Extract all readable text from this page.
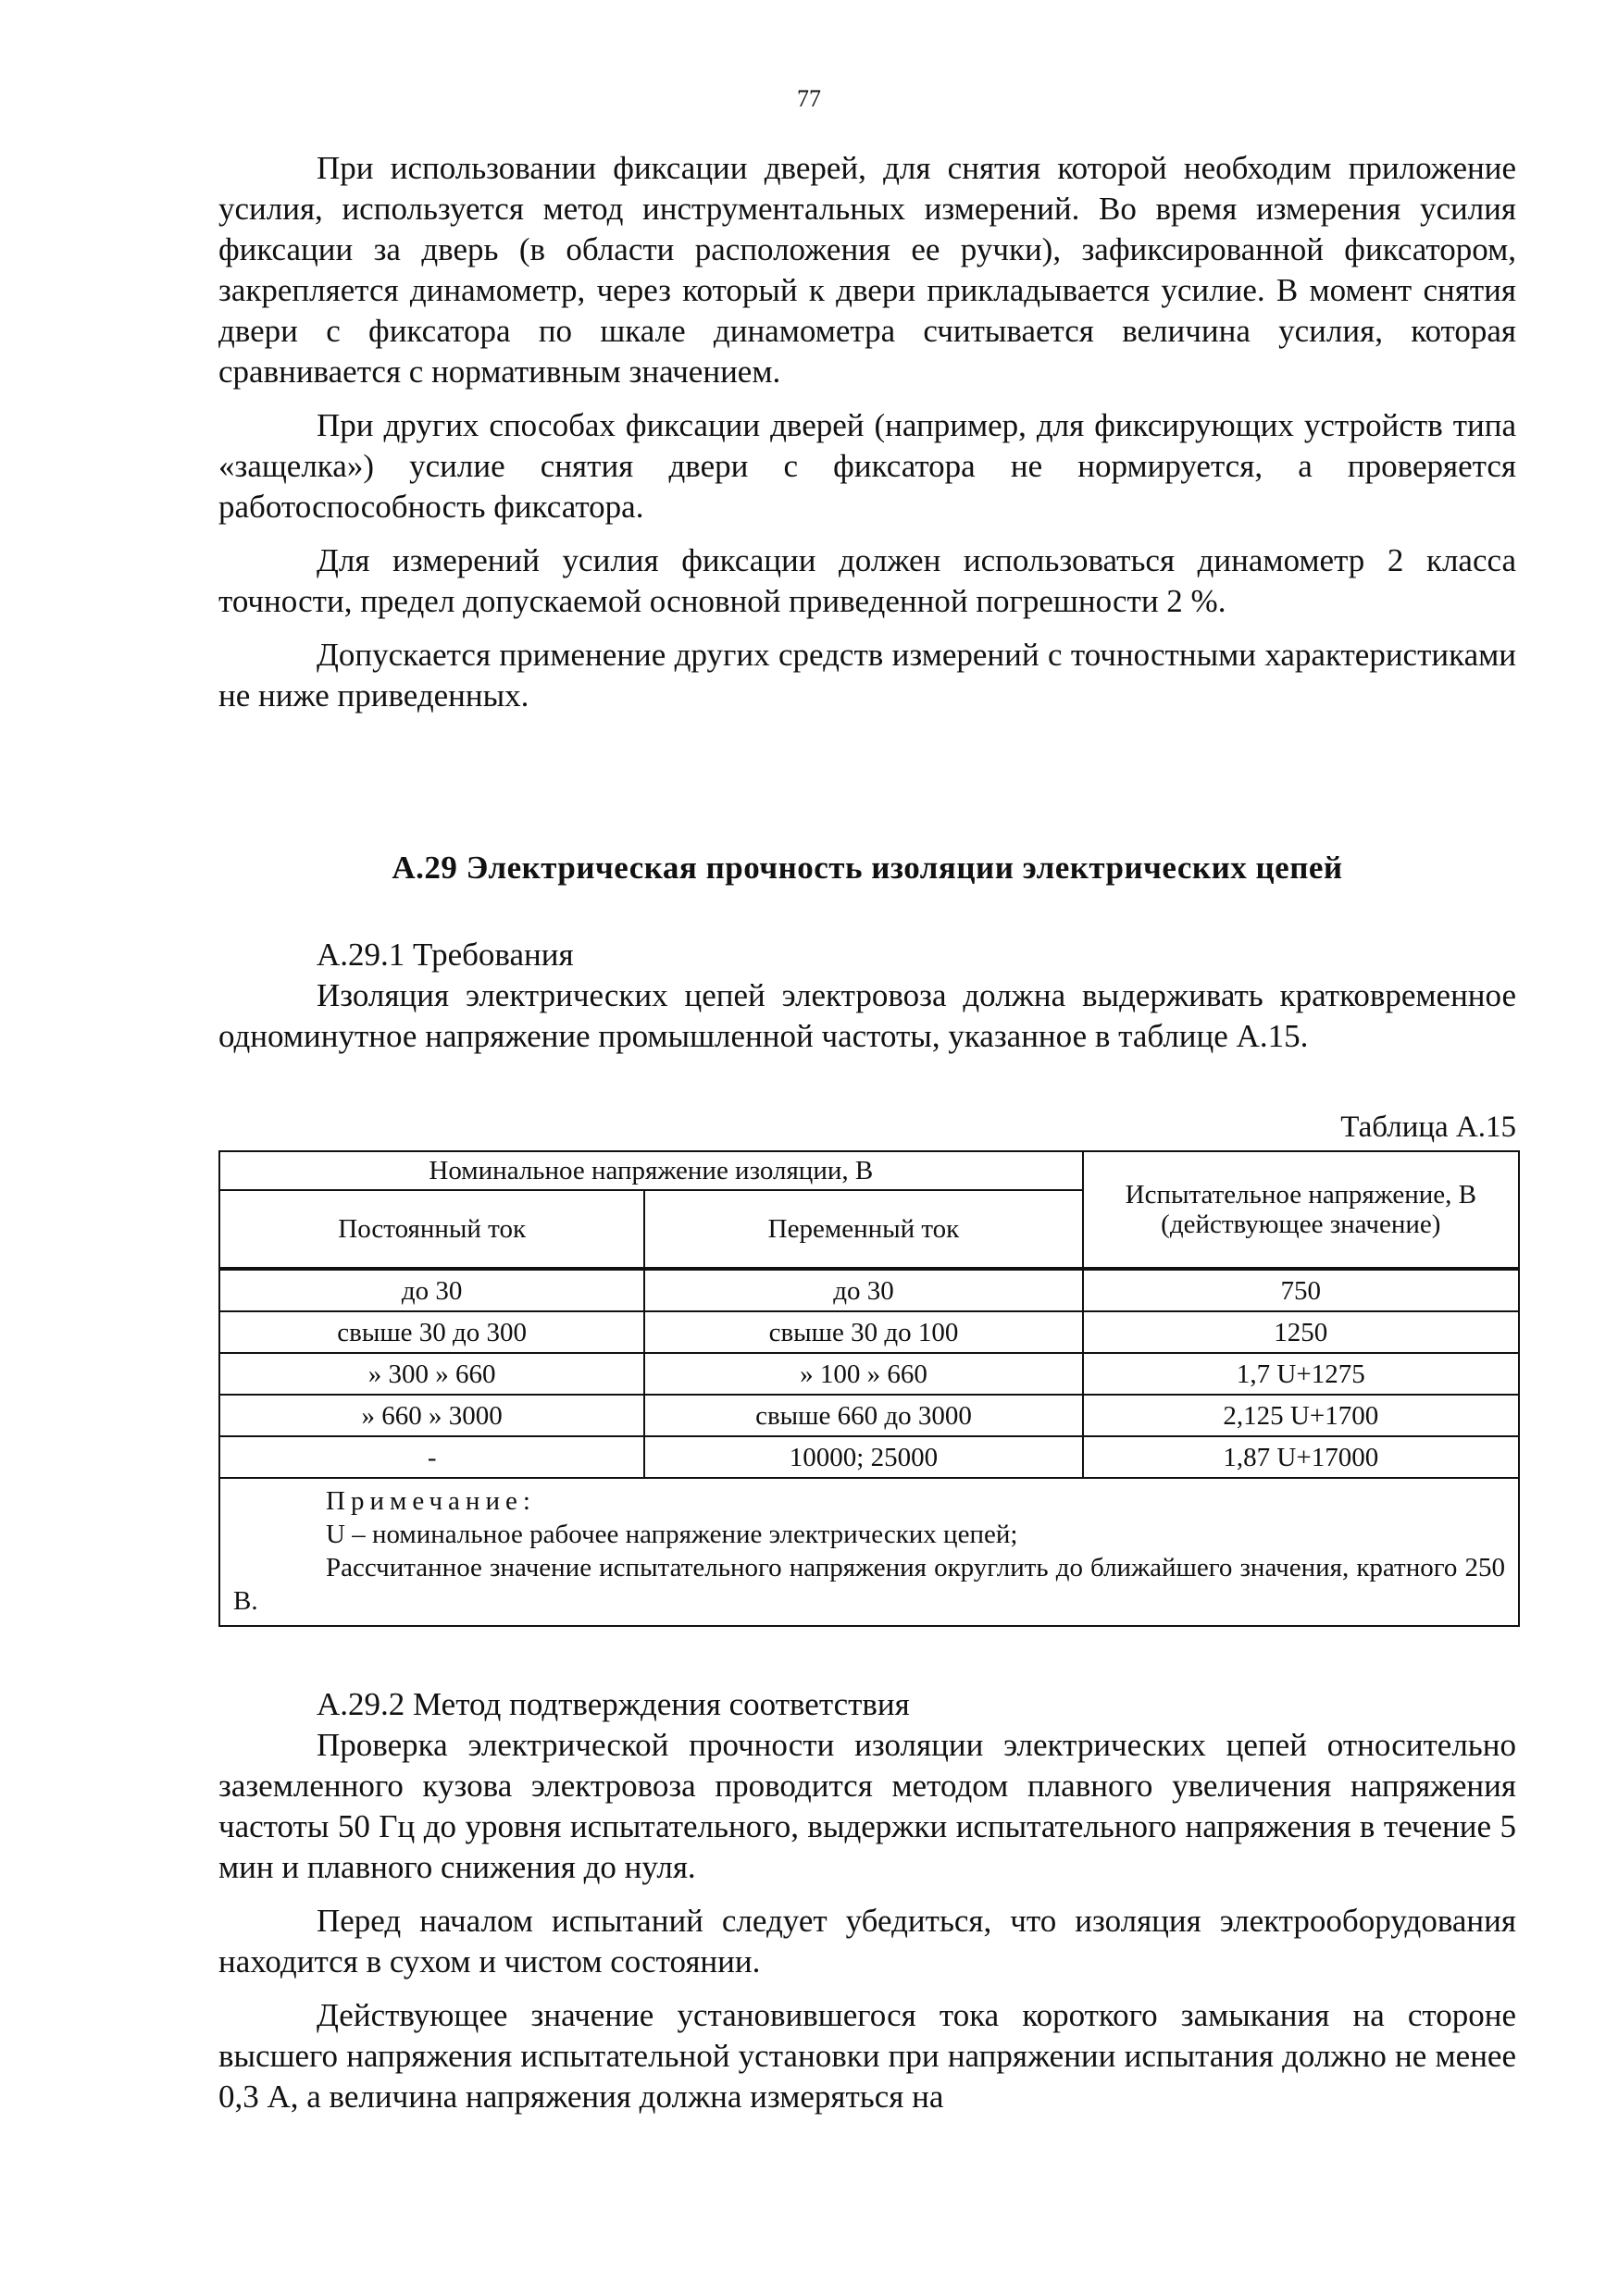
77

При использовании фиксации дверей, для снятия которой необходим приложение усилия, используется метод инструментальных измерений. Во время измерения усилия фиксации за дверь (в области расположения ее ручки), зафиксированной фиксатором, закрепляется динамометр, через который к двери прикладывается усилие. В момент снятия двери с фиксатора по шкале динамометра считывается величина усилия, которая сравнивается с нормативным значением.

При других способах фиксации дверей (например, для фиксирующих устройств типа «защелка») усилие снятия двери с фиксатора не нормируется, а проверяется работоспособность фиксатора.

Для измерений усилия фиксации должен использоваться динамометр 2 класса точности, предел допускаемой основной приведенной погрешности 2 %.

Допускается применение других средств измерений с точностными характеристиками не ниже приведенных.

А.29 Электрическая прочность изоляции электрических цепей

А.29.1 Требования

Изоляция электрических цепей электровоза должна выдерживать кратковременное одноминутное напряжение промышленной частоты, указанное в таблице А.15.

Таблица А.15
Номинальное напряжение изоляции, В		Испытательное напряжение, В (действующее значение)
Постоянный ток	Переменный ток	
до 30	до 30	750
свыше 30 до 300	свыше 30 до 100	1250
» 300 » 660	» 100 » 660	1,7 U+1275
» 660 » 3000	свыше 660 до 3000	2,125 U+1700
-	10000; 25000	1,87 U+17000

Примечание:
U – номинальное рабочее напряжение электрических цепей;
Рассчитанное значение испытательного напряжения округлить до ближайшего значения, кратного 250 В.		

А.29.2 Метод подтверждения соответствия

Проверка электрической прочности изоляции электрических цепей относительно заземленного кузова электровоза проводится методом плавного увеличения напряжения частоты 50 Гц до уровня испытательного, выдержки испытательного напряжения в течение 5 мин и плавного снижения до нуля.

Перед началом испытаний следует убедиться, что изоляция электрооборудования находится в сухом и чистом состоянии.

Действующее значение установившегося тока короткого замыкания на стороне высшего напряжения испытательной установки при напряжении испытания должно не менее 0,3 А, а величина напряжения должна измеряться на
